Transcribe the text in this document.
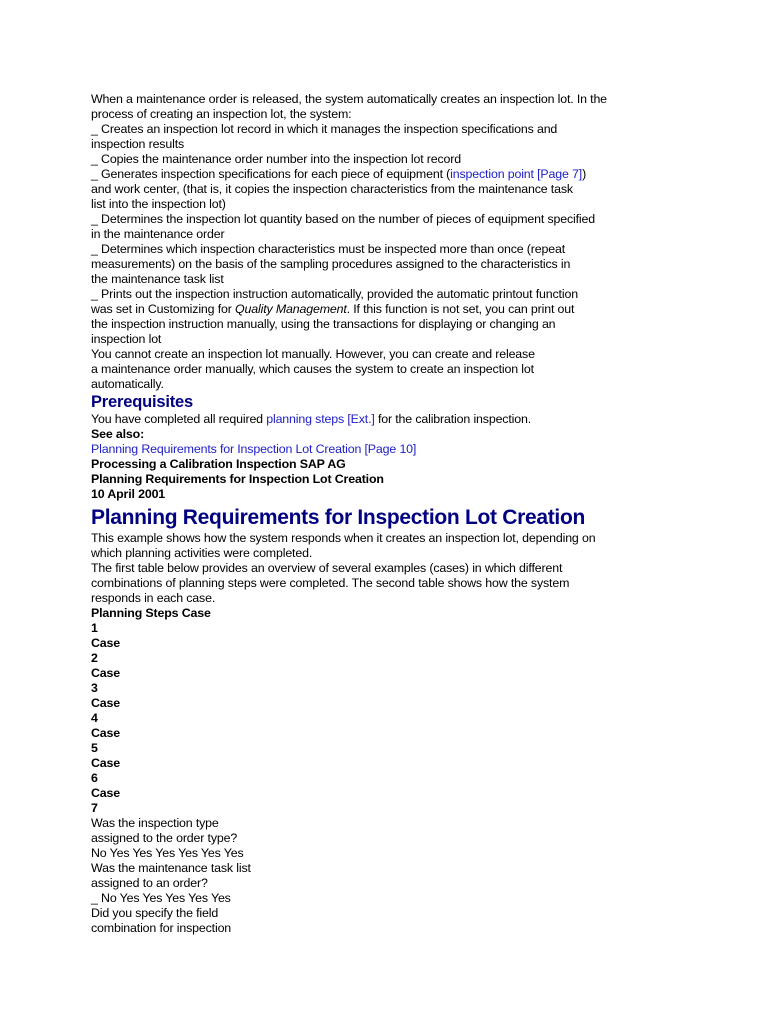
When a maintenance order is released, the system automatically creates an inspection lot. In the

process of creating an inspection lot, the system:

_ Creates an inspection lot record in which it manages the inspection specifications and

inspection results

_ Copies the maintenance order number into the inspection lot record

_ Generates inspection specifications for each piece of equipment (inspection point [Page 7])

and work center, (that is, it copies the inspection characteristics from the maintenance task

list into the inspection lot)

_ Determines the inspection lot quantity based on the number of pieces of equipment specified

in the maintenance order

_ Determines which inspection characteristics must be inspected more than once (repeat

measurements) on the basis of the sampling procedures assigned to the characteristics in

the maintenance task list

_ Prints out the inspection instruction automatically, provided the automatic printout function

was set in Customizing for Quality Management. If this function is not set, you can print out

the inspection instruction manually, using the transactions for displaying or changing an

inspection lot

You cannot create an inspection lot manually. However, you can create and release

a maintenance order manually, which causes the system to create an inspection lot

automatically.

Prerequisites

You have completed all required planning steps [Ext.] for the calibration inspection.

See also:

Planning Requirements for Inspection Lot Creation [Page 10]

Processing a Calibration Inspection SAP AG

Planning Requirements for Inspection Lot Creation

10 April 2001

Planning Requirements for Inspection Lot Creation

This example shows how the system responds when it creates an inspection lot, depending on

which planning activities were completed.

The first table below provides an overview of several examples (cases) in which different

combinations of planning steps were completed. The second table shows how the system

responds in each case.

Planning Steps Case

1

Case

2

Case

3

Case

4

Case

5

Case

6

Case

7

Was the inspection type

assigned to the order type?

No Yes Yes Yes Yes Yes Yes

Was the maintenance task list

assigned to an order?

_ No Yes Yes Yes Yes Yes

Did you specify the field

combination for inspection
